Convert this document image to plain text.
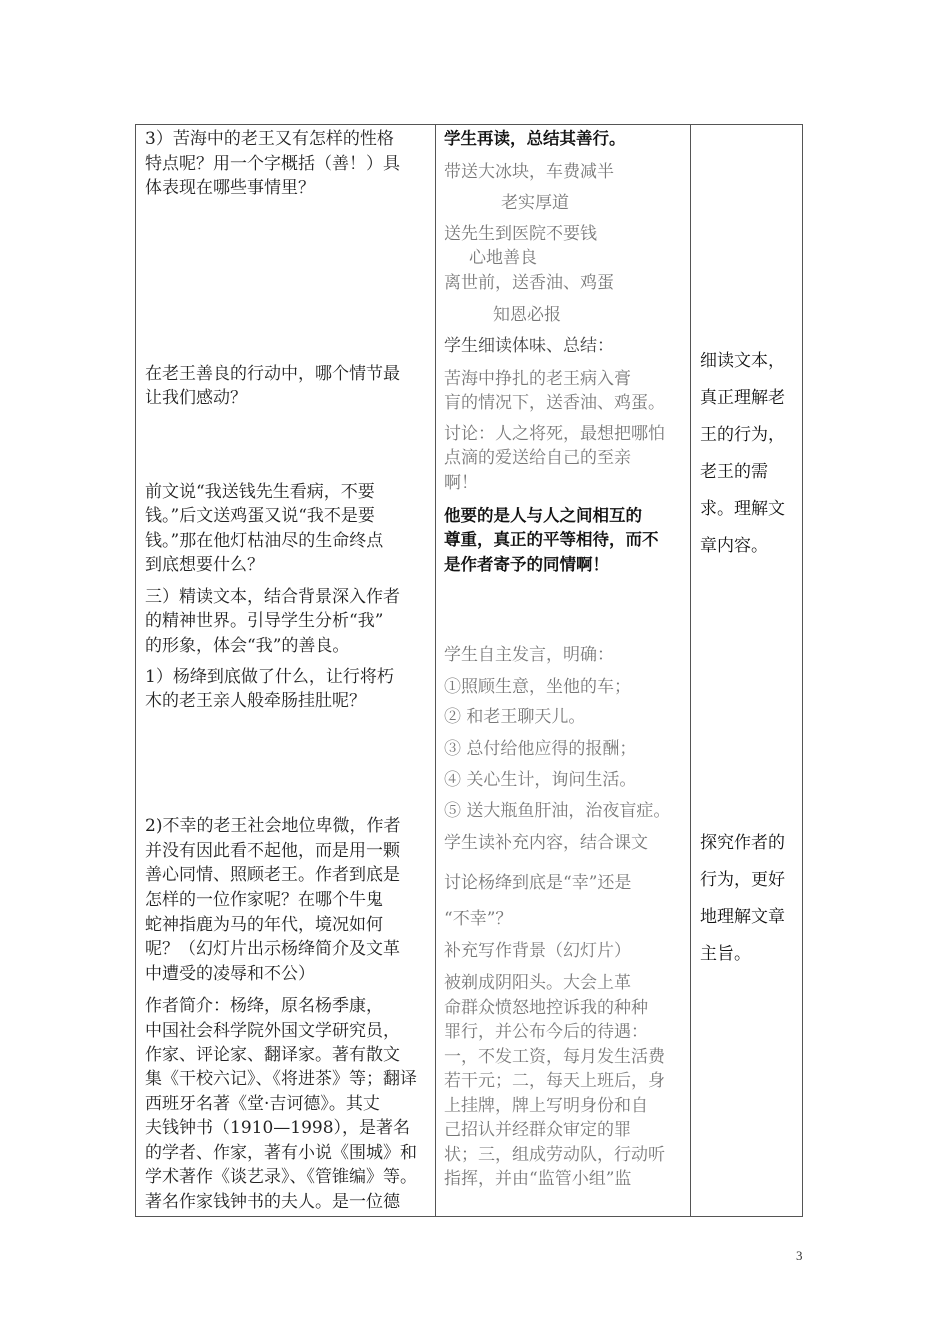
3）苦海中的老王又有怎样的性格
特点呢？用一个字概括（善！）具
体表现在哪些事情里？
在老王善良的行动中，哪个情节最
让我们感动？
前文说“我送钱先生看病，不要
钱。”后文送鸡蛋又说“我不是要
钱。”那在他灯枯油尽的生命终点
到底想要什么？
三）精读文本，结合背景深入作者
的精神世界。引导学生分析“我”
的形象，体会“我”的善良。
1）杨绛到底做了什么，让行将朽
木的老王亲人般牵肠挂肚呢？
2)不幸的老王社会地位卑微，作者
并没有因此看不起他，而是用一颗
善心同情、照顾老王。作者到底是
怎样的一位作家呢？在哪个牛鬼
蛇神指鹿为马的年代，境况如何
呢？（幻灯片出示杨绛简介及文革
中遭受的凌辱和不公）
作者简介：杨绛，原名杨季康，
中国社会科学院外国文学研究员，
作家、评论家、翻译家。著有散文
集《干校六记》、《将进茶》等；翻译
西班牙名著《堂·吉诃德》。其丈
夫钱钟书（1910—1998），是著名
的学者、作家，著有小说《围城》和
学术著作《谈艺录》、《管锥编》等。
著名作家钱钟书的夫人。是一位德
学生再读，总结其善行。
带送大冰块，车费减半
老实厚道
送先生到医院不要钱
心地善良
离世前，送香油、鸡蛋
知恩必报
学生细读体味、总结：
苦海中挣扎的老王病入膏
肓的情况下，送香油、鸡蛋。
讨论：人之将死，最想把哪怕
点滴的爱送给自己的至亲
啊！
他要的是人与人之间相互的
尊重，真正的平等相待，而不
是作者寄予的同情啊！
学生自主发言，明确：
①照顾生意，坐他的车；
② 和老王聊天儿。
③ 总付给他应得的报酬；
④ 关心生计，询问生活。
⑤ 送大瓶鱼肝油，治夜盲症。
学生读补充内容，结合课文
讨论杨绛到底是“幸”还是
“不幸”？
补充写作背景（幻灯片）
被剃成阴阳头。大会上革
命群众愤怒地控诉我的种种
罪行，并公布今后的待遇：
一，不发工资，每月发生活费
若干元；二，每天上班后，身
上挂牌，牌上写明身份和自
己招认并经群众审定的罪
状；三，组成劳动队，行动听
指挥，并由“监管小组”监
细读文本，
真正理解老
王的行为，
老王的需
求。理解文
章内容。
探究作者的
行为，更好
地理解文章
主旨。
3
